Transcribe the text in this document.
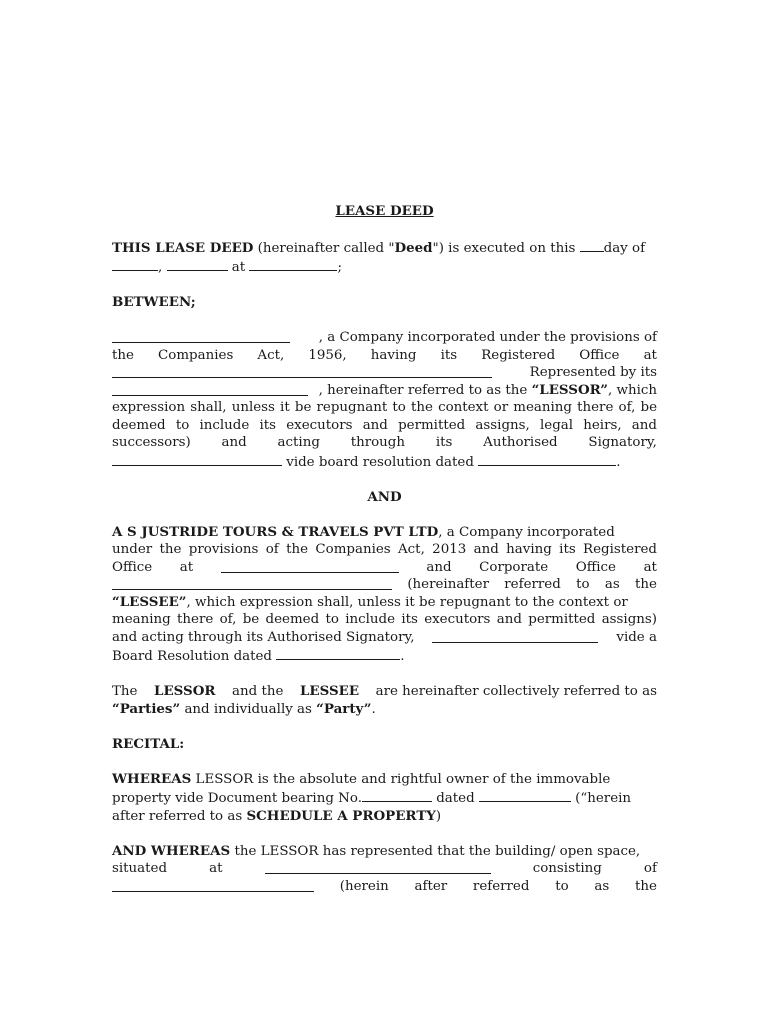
LEASE DEED
THIS LEASE DEED (hereinafter called "Deed") is executed on this day of
,	at	;
BETWEEN;
, a Company incorporated under the provisions of
the Companies Act, 1956, having its Registered Office at
Represented by its
, hereinafter referred to as the “LESSOR”, which
expression shall, unless it be repugnant to the context or meaning there of, be
deemed to include its executors and permitted assigns, legal heirs, and
successors) and acting through its Authorised Signatory,
vide board resolution dated	.
AND
A S JUSTRIDE TOURS & TRAVELS PVT LTD, a Company incorporated
under the provisions of the Companies Act, 2013 and having its Registered
Office at	and Corporate Office at
(hereinafter referred to as the
“LESSEE”, which expression shall, unless it be repugnant to the context or
meaning there of, be deemed to include its executors and permitted assigns)
and acting through its Authorised Signatory,	vide a
Board Resolution dated	.
The LESSOR and the LESSEE are hereinafter collectively referred to as
“Parties” and individually as “Party”.
RECITAL:
WHEREAS LESSOR is the absolute and rightful owner of the immovable
property vide Document bearing No.	dated	(“herein
after referred to as SCHEDULE A PROPERTY)
AND WHEREAS the LESSOR has represented that the building/ open space,
situated	at	consisting	of
(herein after referred to as the
